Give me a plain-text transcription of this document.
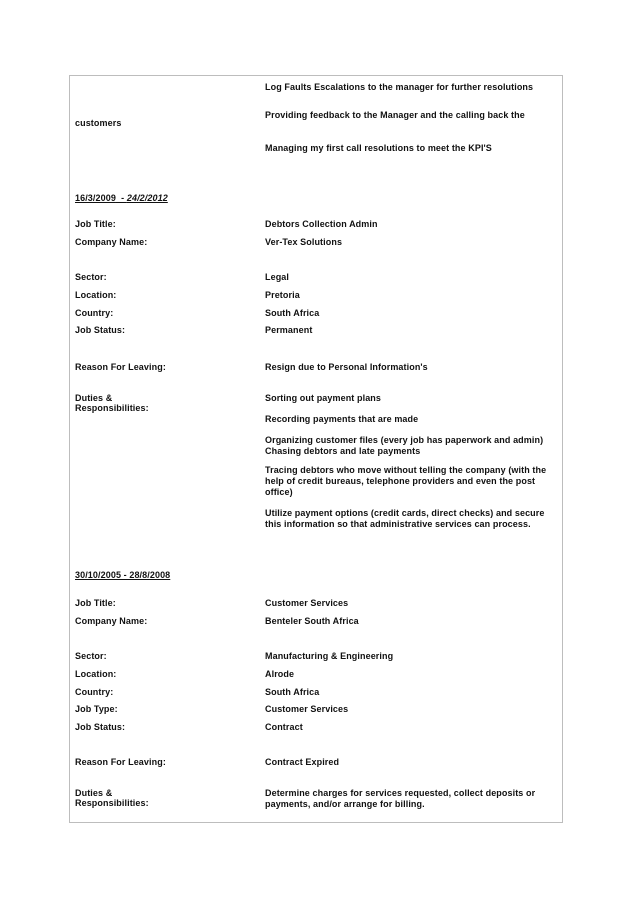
Log Faults Escalations to the manager for further resolutions
Providing feedback to the Manager and the calling back the
customers
Managing my first call resolutions to meet the KPI'S
16/3/2009  - 24/2/2012
Job Title:	Debtors Collection Admin
Company Name:	Ver-Tex Solutions
Sector:	Legal
Location:	Pretoria
Country:	South Africa
Job Status:	Permanent
Reason For Leaving:	Resign due to Personal Information's
Duties &
Responsibilities:
Sorting out payment plans
Recording payments that are made
Organizing customer files (every job has paperwork and admin)
Chasing debtors and late payments
Tracing debtors who move without telling the company (with the help of credit bureaus, telephone providers and even the post office)
Utilize payment options (credit cards, direct checks) and secure this information so that administrative services can process.
30/10/2005 - 28/8/2008
Job Title:	Customer Services
Company Name:	Benteler South Africa
Sector:	Manufacturing & Engineering
Location:	Alrode
Country:	South Africa
Job Type:	Customer Services
Job Status:	Contract
Reason For Leaving:	Contract Expired
Duties &
Responsibilities:
Determine charges for services requested, collect deposits or payments, and/or arrange for billing.
